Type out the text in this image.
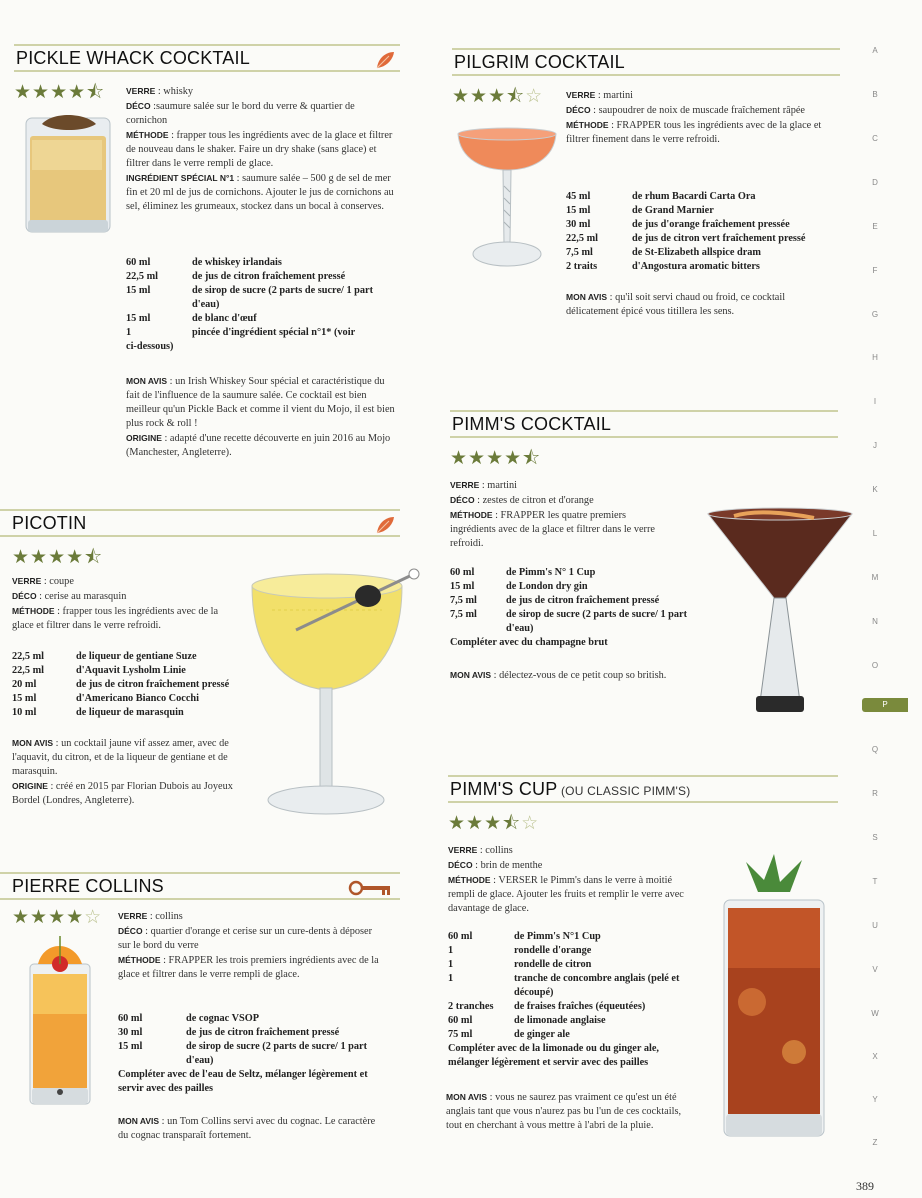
PICKLE WHACK COCKTAIL
★★★★⯪	VERRE : whisky
DÉCO :saumure salée sur le bord du verre & quartier de cornichon
MÉTHODE : frapper tous les ingrédients avec de la glace et filtrer de nouveau dans le shaker. Faire un dry shake (sans glace) et filtrer dans le verre rempli de glace.
INGRÉDIENT SPÉCIAL N°1 : saumure salée – 500 g de sel de mer fin et 20 ml de jus de cornichons. Ajouter le jus de cornichons au sel, éliminez les grumeaux, stockez dans un bocal à conserves.
60 ml	de whiskey irlandais
22,5 ml	de jus de citron fraîchement pressé
15 ml	de sirop de sucre (2 parts de sucre/ 1 part d'eau)
15 ml	de blanc d'œuf
1	pincée d'ingrédient spécial n°1* (voir
ci-dessous)
MON AVIS : un Irish Whiskey Sour spécial et caractéristique du fait de l'influence de la saumure salée. Ce cocktail est bien meilleur qu'un Pickle Back et comme il vient du Mojo, il est bien plus rock & roll !
ORIGINE : adapté d'une recette découverte en juin 2016 au Mojo (Manchester, Angleterre).
PICOTIN
★★★★⯪
VERRE : coupe
DÉCO : cerise au marasquin
MÉTHODE : frapper tous les ingrédients avec de la glace et filtrer dans le verre refroidi.
22,5 ml	de liqueur de gentiane Suze
22,5 ml	d'Aquavit Lysholm Linie
20 ml	de jus de citron fraîchement pressé
15 ml	d'Americano Bianco Cocchi
10 ml	de liqueur de marasquin
MON AVIS : un cocktail jaune vif assez amer, avec de l'aquavit, du citron, et de la liqueur de gentiane et de marasquin.
ORIGINE : créé en 2015 par Florian Dubois au Joyeux Bordel (Londres, Angleterre).
PIERRE COLLINS
★★★★☆	VERRE : collins
DÉCO : quartier d'orange et cerise sur un cure-dents à déposer sur le bord du verre
MÉTHODE : FRAPPER les trois premiers ingrédients avec de la glace et filtrer dans le verre rempli de glace.
60 ml	de cognac VSOP
30 ml	de jus de citron fraîchement pressé
15 ml	de sirop de sucre (2 parts de sucre/ 1 part d'eau)
Compléter avec de l'eau de Seltz, mélanger légèrement et servir avec des pailles
MON AVIS : un Tom Collins servi avec du cognac. Le caractère du cognac transparaît fortement.
PILGRIM COCKTAIL
★★★⯪☆	VERRE : martini
DÉCO : saupoudrer de noix de muscade fraîchement râpée
MÉTHODE : FRAPPER tous les ingrédients avec de la glace et filtrer finement dans le verre refroidi.
45 ml	de rhum Bacardi Carta Ora
15 ml	de Grand Marnier
30 ml	de jus d'orange fraîchement pressée
22,5 ml	de jus de citron vert fraîchement pressé
7,5 ml	de St-Elizabeth allspice dram
2 traits	d'Angostura aromatic bitters
MON AVIS : qu'il soit servi chaud ou froid, ce cocktail délicatement épicé vous titillera les sens.
PIMM'S COCKTAIL
★★★★⯪
VERRE : martini
DÉCO : zestes de citron et d'orange
MÉTHODE : FRAPPER les quatre premiers ingrédients avec de la glace et filtrer dans le verre refroidi.
60 ml	de Pimm's N° 1 Cup
15 ml	de London dry gin
7,5 ml	de jus de citron fraîchement pressé
7,5 ml	de sirop de sucre (2 parts de sucre/ 1 part d'eau)
Compléter avec du champagne brut
MON AVIS : délectez-vous de ce petit coup so british.
PIMM'S CUP (OU CLASSIC PIMM'S)
★★★⯪☆
VERRE : collins
DÉCO : brin de menthe
MÉTHODE : VERSER le Pimm's dans le verre à moitié rempli de glace. Ajouter les fruits et remplir le verre avec davantage de glace.
60 ml	de Pimm's N°1 Cup
1	rondelle d'orange
1	rondelle de citron
1	tranche de concombre anglais (pelé et découpé)
2 tranches	de fraises fraîches (équeutées)
60 ml	de limonade anglaise
75 ml	de ginger ale
Compléter avec de la limonade ou du ginger ale, mélanger légèrement et servir avec des pailles
MON AVIS : vous ne saurez pas vraiment ce qu'est un été anglais tant que vous n'aurez pas bu l'un de ces cocktails, tout en cherchant à vous mettre à l'abri de la pluie.
A
B
C
D
E
F
G
H
I
J
K
L
M
N
O
Q
R
S
T
U
V
W
X
Y
Z
P
389
